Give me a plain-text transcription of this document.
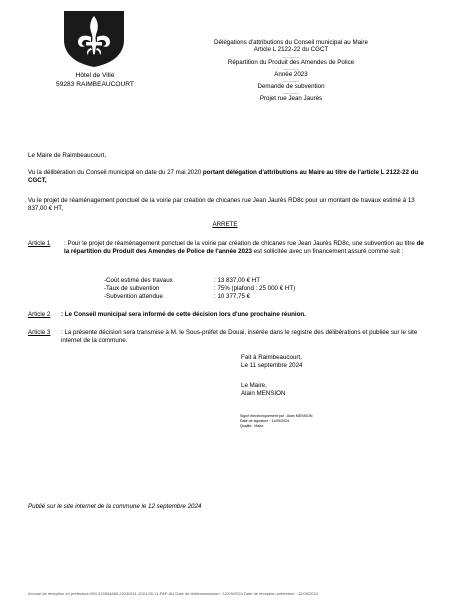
Hôtel de Ville
59283 RAIMBEAUCOURT
Délégations d'attributions du Conseil municipal au Maire
Article L 2122-22 du CGCT
------------
Répartition du Produit des Amendes de Police
------------
Année 2023
------------
Demande de subvention
------------
Projet rue Jean Jaurès
Le Maire de Raimbeaucourt,
Vu la délibération du Conseil municipal en date du 27 mai 2020 portant délégation d'attributions au Maire au titre de l'article L 2122-22 du CGCT,
Vu le projet de réaménagement ponctuel de la voirie par création de chicanes rue Jean Jaurès RD8c pour un montant de travaux estimé à 13 837,00 € HT,
ARRETE
Article 1 : Pour le projet de réaménagement ponctuel de la voirie par création de chicanes rue Jean Jaurès RD8c, une subvention au titre de la répartition du Produit des Amendes de Police de l'année 2023 est sollicitée avec un financement assuré comme suit :
-Coût estimé des travaux	: 13 837,00 € HT
-Taux de subvention	: 75% (plafond : 25 000 € HT)
-Subvention attendue	: 10 377,75 €
Article 2 : Le Conseil municipal sera informé de cette décision lors d'une prochaine réunion.
Article 3 : La présente décision sera transmise à M. le Sous-préfet de Douai, insérée dans le registre des délibérations et publiée sur le site internet de la commune.
Fait à Raimbeaucourt,
Le 11 septembre 2024
Le Maire,
Alain MENSION
Signé électroniquement par : Alain MENSION
Date de signature : 11/09/2024
Qualité : Maire
Publié sur le site internet de la commune le 12 septembre 2024
Accusé de réception en préfecture 059-215904889-20240911-2024-09-11-PAP-AU Date de télétransmission : 12/09/2024 Date de réception préfecture : 12/09/2024
